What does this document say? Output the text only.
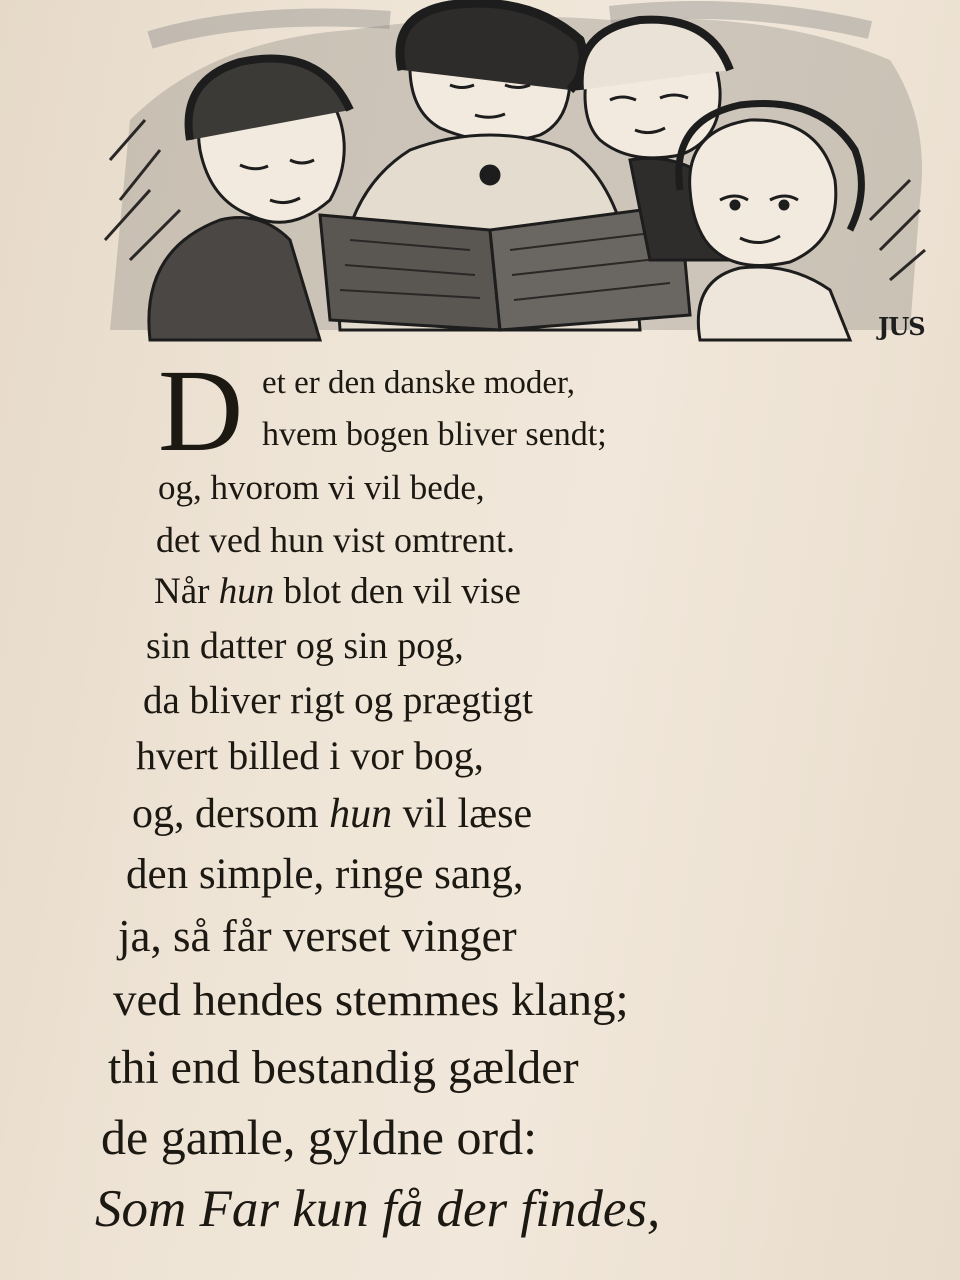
JUS
D et er den danske moder,
hvem bogen bliver sendt;
og, hvorom vi vil bede,
det ved hun vist omtrent.
Når hun blot den vil vise
sin datter og sin pog,
da bliver rigt og prægtigt
hvert billed i vor bog,
og, dersom hun vil læse
den simple, ringe sang,
ja, så får verset vinger
ved hendes stemmes klang;
thi end bestandig gælder
de gamle, gyldne ord:
Som Far kun få der findes,
